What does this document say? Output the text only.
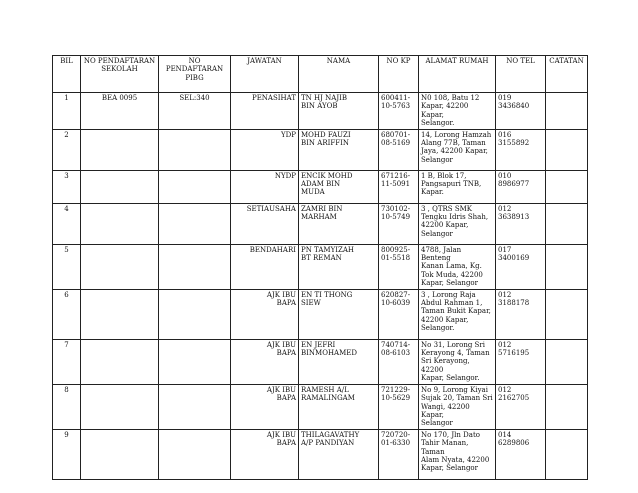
BIL	NO PENDAFTARAN SEKOLAH	NO PENDAFTARAN PIBG	JAWATAN	NAMA	NO KP	ALAMAT RUMAH	NO TEL	CATATAN
1	BEA 0095	SEL:340	PENASIHAT	TN HJ NAJIB
BIN AYOB	600411-
10-5763	N0 108, Batu 12
Kapar, 42200 Kapar,
Selangor.	019
3436840	
2			YDP	MOHD FAUZI
BIN ARIFFIN	680701-
08-5169	14, Lorong Hamzah
Alang 77B, Taman
Jaya, 42200 Kapar,
Selangor	016
3155892	
3			NYDP	ENCIK MOHD
ADAM BIN
MUDA	671216-
11-5091	1 B, Blok 17,
Pangsapuri TNB,
Kapar.	010
8986977	
4			SETIAUSAHA	ZAMRI BIN
MARHAM	730102-
10-5749	3 , QTRS SMK
Tengku Idris Shah,
42200 Kapar,
Selangor	012
3638913	
5			BENDAHARI	PN TAMYIZAH
BT REMAN	800925-
01-5518	4788, Jalan Benteng
Kanan Lama, Kg.
Tok Muda, 42200
Kapar, Selangor	017
3400169	
6			AJK IBU
BAPA	EN TI THONG
SIEW	620827-
10-6039	3 , Lorong Raja
Abdul Rahman 1,
Taman Bukit Kapar,
42200 Kapar,
Selangor.	012
3188178	
7			AJK IBU
BAPA	EN JEFRI
BINMOHAMED	740714-
08-6103	No 31, Lorong Sri
Kerayong 4, Taman
Sri Kerayong, 42200
Kapar, Selangor.	012
5716195	
8			AJK IBU
BAPA	RAMESH A/L
RAMALINGAM	721229-
10-5629	No 9, Lorong Kiyai
Sujak 20, Taman Sri
Wangi, 42200 Kapar,
Selangor	012
2162705	
9			AJK IBU
BAPA	THILAGAVATHY
A/P PANDIYAN	720720-
01-6330	No 170, Jln Dato
Tahir Manan, Taman
Alam Nyata, 42200
Kapar, Selangor	014
6289806	
